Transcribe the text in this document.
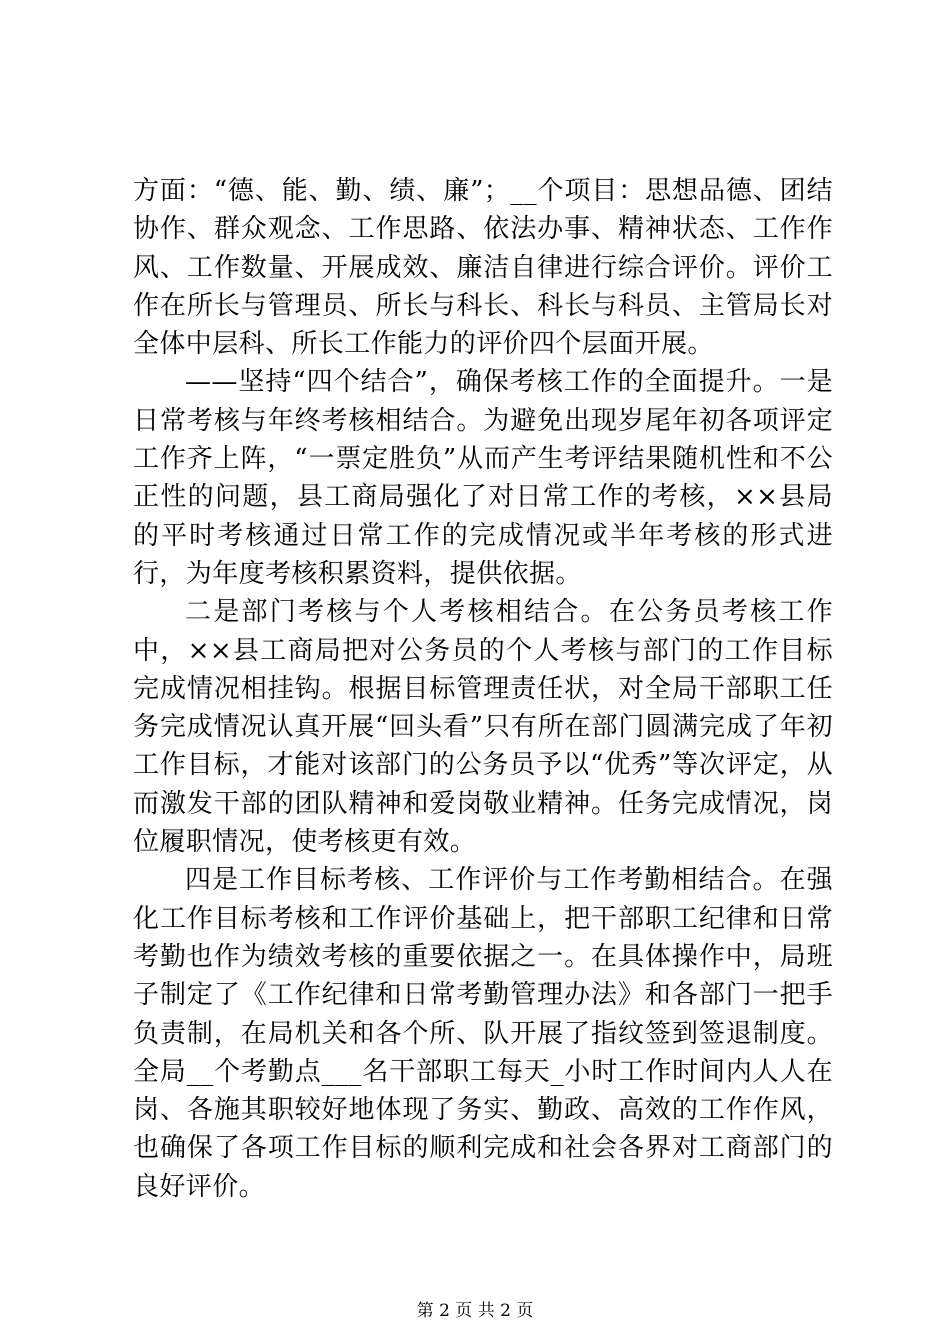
方面：“德、能、勤、绩、廉”；__个项目：思想品德、团结协作、群众观念、工作思路、依法办事、精神状态、工作作风、工作数量、开展成效、廉洁自律进行综合评价。评价工作在所长与管理员、所长与科长、科长与科员、主管局长对全体中层科、所长工作能力的评价四个层面开展。

——坚持“四个结合”，确保考核工作的全面提升。一是日常考核与年终考核相结合。为避免出现岁尾年初各项评定工作齐上阵，“一票定胜负”从而产生考评结果随机性和不公正性的问题，县工商局强化了对日常工作的考核，××县局的平时考核通过日常工作的完成情况或半年考核的形式进行，为年度考核积累资料，提供依据。

二是部门考核与个人考核相结合。在公务员考核工作中，××县工商局把对公务员的个人考核与部门的工作目标完成情况相挂钩。根据目标管理责任状，对全局干部职工任务完成情况认真开展“回头看”只有所在部门圆满完成了年初工作目标，才能对该部门的公务员予以“优秀”等次评定，从而激发干部的团队精神和爱岗敬业精神。任务完成情况，岗位履职情况，使考核更有效。

四是工作目标考核、工作评价与工作考勤相结合。在强化工作目标考核和工作评价基础上，把干部职工纪律和日常考勤也作为绩效考核的重要依据之一。在具体操作中，局班子制定了《工作纪律和日常考勤管理办法》和各部门一把手负责制，在局机关和各个所、队开展了指纹签到签退制度。全局__个考勤点___名干部职工每天_小时工作时间内人人在岗、各施其职较好地体现了务实、勤政、高效的工作作风，也确保了各项工作目标的顺利完成和社会各界对工商部门的良好评价。

第 2 页 共 2 页
